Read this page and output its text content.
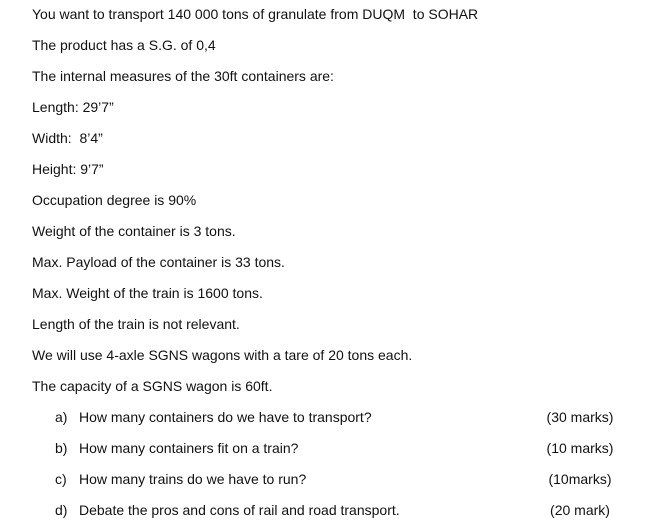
You want to transport 140 000 tons of granulate from DUQM  to SOHAR
The product has a S.G. of 0,4
The internal measures of the 30ft containers are:
Length: 29’7”
Width:  8’4”
Height: 9’7”
Occupation degree is 90%
Weight of the container is 3 tons.
Max. Payload of the container is 33 tons.
Max. Weight of the train is 1600 tons.
Length of the train is not relevant.
We will use 4-axle SGNS wagons with a tare of 20 tons each.
The capacity of a SGNS wagon is 60ft.
a) How many containers do we have to transport?	(30 marks)
b) How many containers fit on a train?	(10 marks)
c) How many trains do we have to run?	(10marks)
d) Debate the pros and cons of rail and road transport.	(20 mark)
